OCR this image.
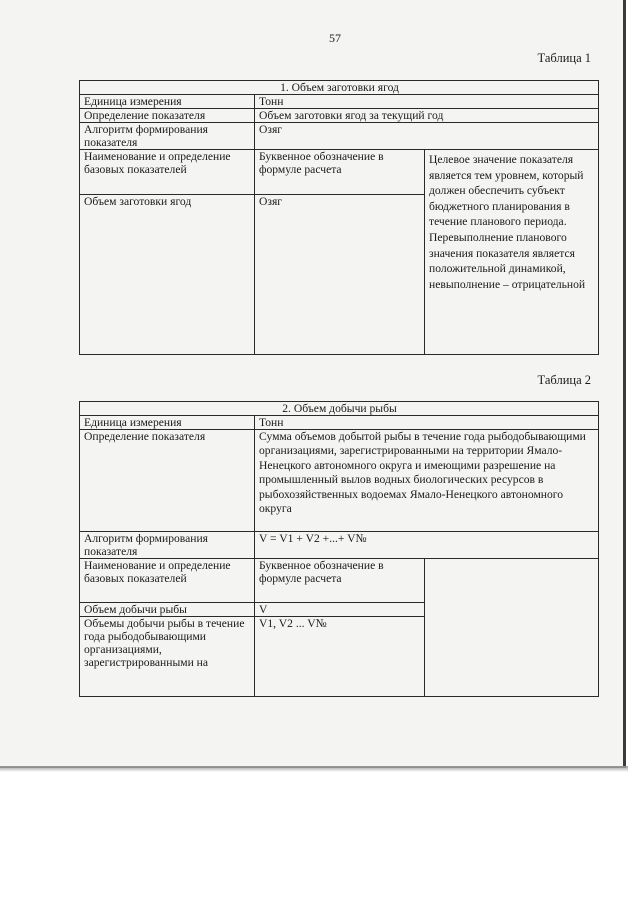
57
Таблица 1
1. Объем заготовки ягод		
Единица измерения	Тонн	
Определение показателя	Объем заготовки ягод за текущий год	
Алгоритм формирования показателя	Озяг	
Наименование и определение базовых показателей	Буквенное обозначение в формуле расчета	Целевое значение показателя является тем уровнем, который должен обеспечить субъект бюджетного планирования в течение планового периода. Перевыполнение планового значения показателя является положительной динамикой, невыполнение – отрицательной
Объем заготовки ягод	Озяг	
Таблица 2
2. Объем добычи рыбы		
Единица измерения	Тонн	
Определение показателя	Сумма объемов добытой рыбы в течение года рыбодобывающими организациями, зарегистрированными на территории Ямало-Ненецкого автономного округа и имеющими разрешение на промышленный вылов водных биологических ресурсов в рыбохозяйственных водоемах Ямало-Ненецкого автономного округа	
Алгоритм формирования показателя	V = V1 + V2 +...+ V№	
Наименование и определение базовых показателей	Буквенное обозначение в формуле расчета	
Объем добычи рыбы	V	
Объемы добычи рыбы в течение года рыбодобывающими организациями, зарегистрированными на	V1, V2 ... V№	
